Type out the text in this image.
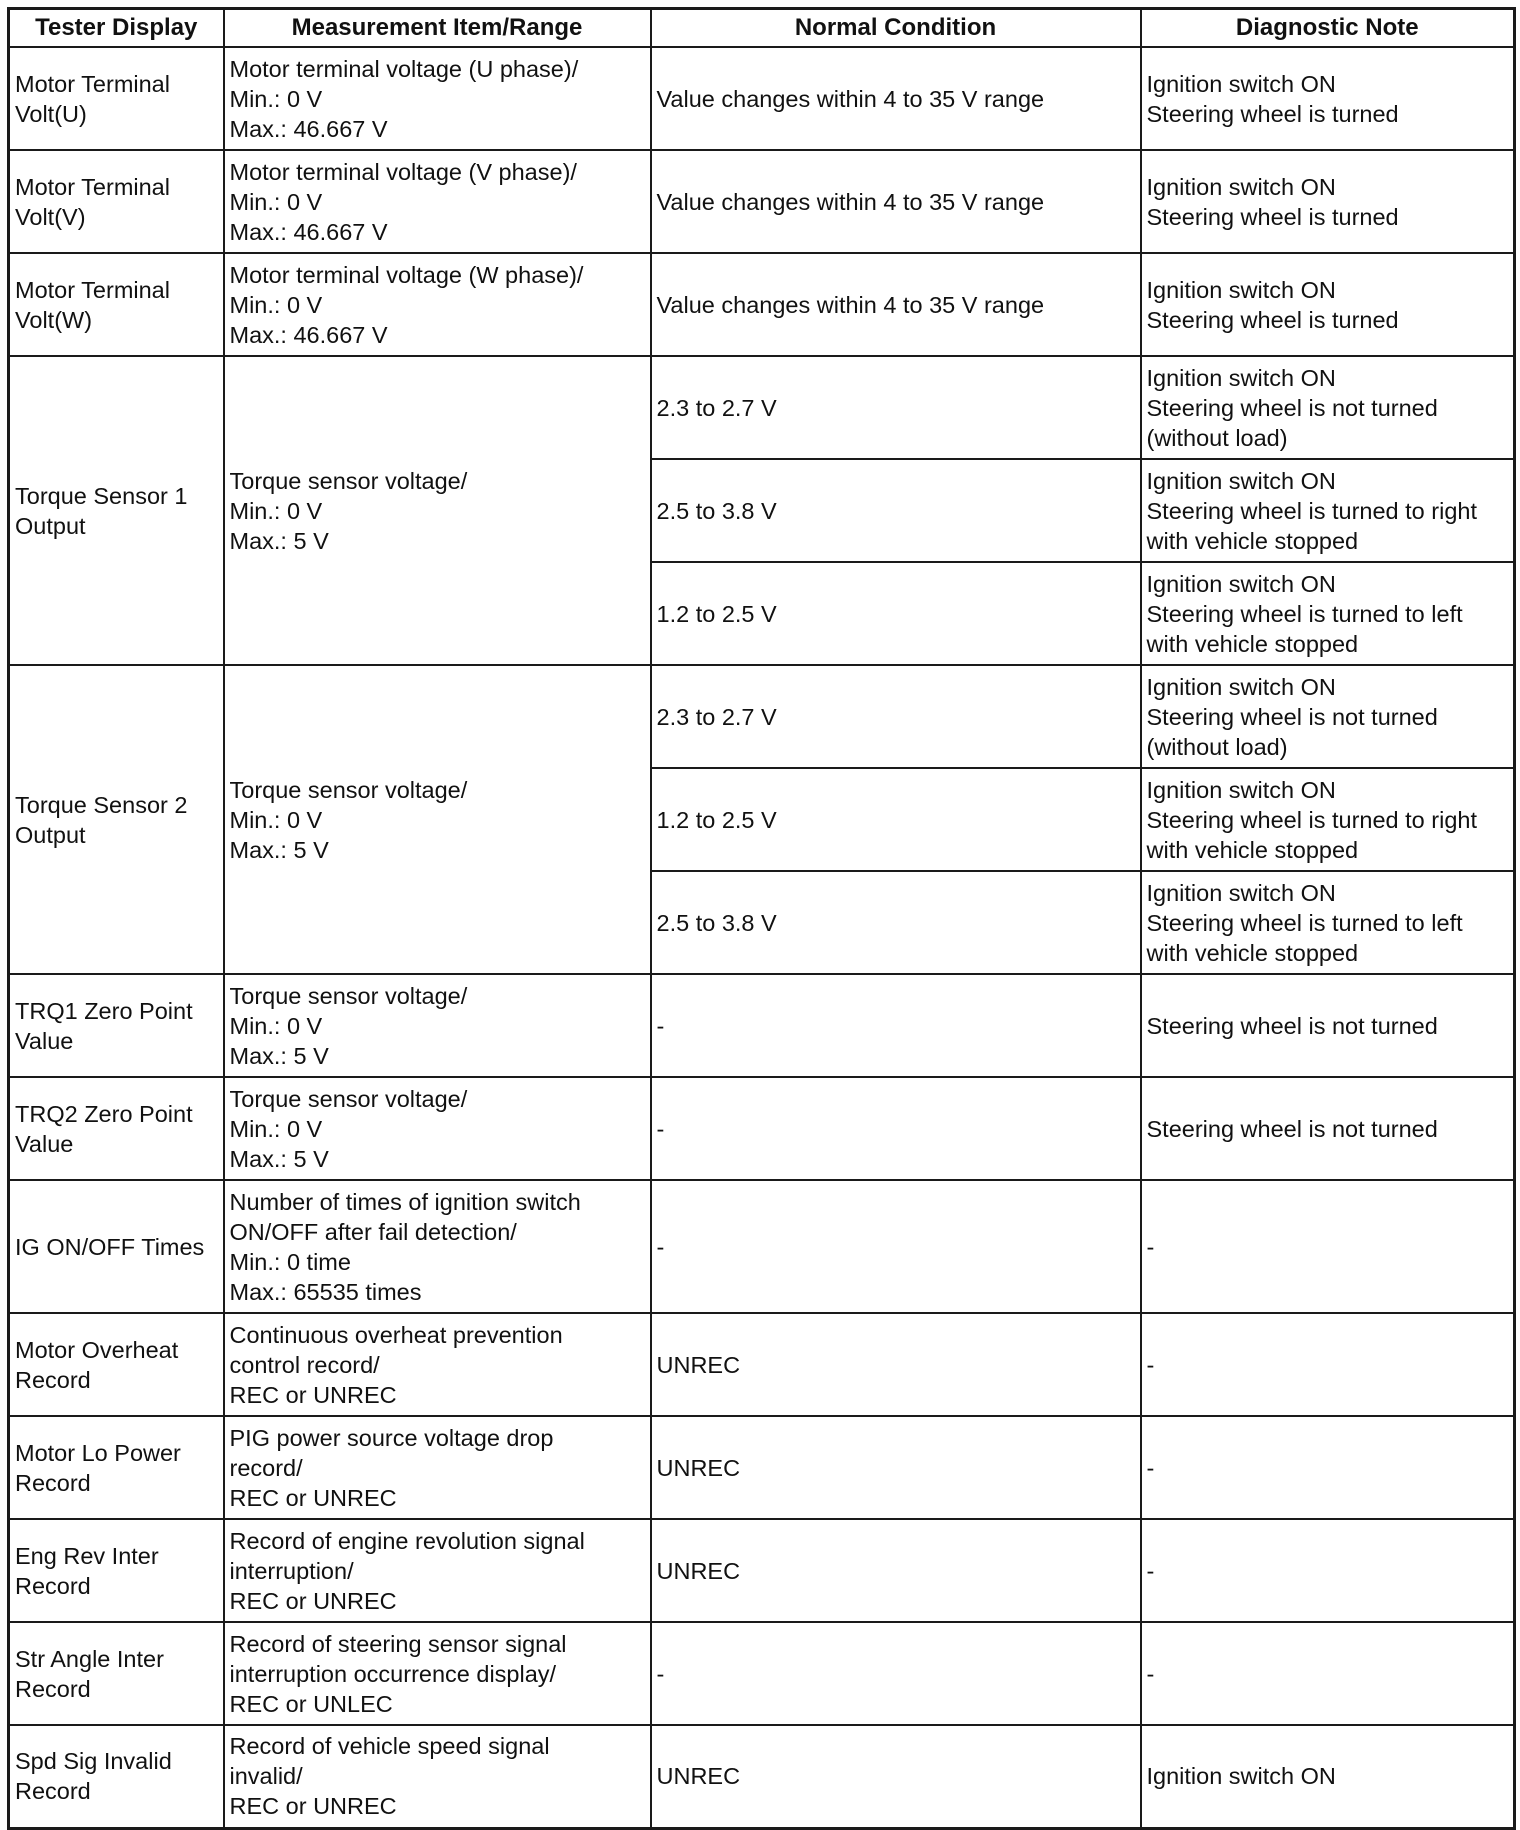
Tester Display	Measurement Item/Range	Normal Condition	Diagnostic Note

Motor Terminal
Volt(U)	Motor terminal voltage (U phase)/
Min.: 0 V
Max.: 46.667 V	Value changes within 4 to 35 V range	Ignition switch ON
Steering wheel is turned

Motor Terminal
Volt(V)	Motor terminal voltage (V phase)/
Min.: 0 V
Max.: 46.667 V	Value changes within 4 to 35 V range	Ignition switch ON
Steering wheel is turned

Motor Terminal
Volt(W)	Motor terminal voltage (W phase)/
Min.: 0 V
Max.: 46.667 V	Value changes within 4 to 35 V range	Ignition switch ON
Steering wheel is turned

Torque Sensor 1
Output	Torque sensor voltage/
Min.: 0 V
Max.: 5 V	2.3 to 2.7 V	Ignition switch ON
Steering wheel is not turned
(without load)

		2.5 to 3.8 V	Ignition switch ON
Steering wheel is turned to right
with vehicle stopped

		1.2 to 2.5 V	Ignition switch ON
Steering wheel is turned to left
with vehicle stopped

Torque Sensor 2
Output	Torque sensor voltage/
Min.: 0 V
Max.: 5 V	2.3 to 2.7 V	Ignition switch ON
Steering wheel is not turned
(without load)

		1.2 to 2.5 V	Ignition switch ON
Steering wheel is turned to right
with vehicle stopped

		2.5 to 3.8 V	Ignition switch ON
Steering wheel is turned to left
with vehicle stopped

TRQ1 Zero Point
Value	Torque sensor voltage/
Min.: 0 V
Max.: 5 V	-	Steering wheel is not turned

TRQ2 Zero Point
Value	Torque sensor voltage/
Min.: 0 V
Max.: 5 V	-	Steering wheel is not turned

IG ON/OFF Times	Number of times of ignition switch
ON/OFF after fail detection/
Min.: 0 time
Max.: 65535 times	-	-

Motor Overheat
Record	Continuous overheat prevention
control record/
REC or UNREC	UNREC	-

Motor Lo Power
Record	PIG power source voltage drop
record/
REC or UNREC	UNREC	-

Eng Rev Inter
Record	Record of engine revolution signal
interruption/
REC or UNREC	UNREC	-

Str Angle Inter
Record	Record of steering sensor signal
interruption occurrence display/
REC or UNLEC	-	-

Spd Sig Invalid
Record	Record of vehicle speed signal
invalid/
REC or UNREC	UNREC	Ignition switch ON
